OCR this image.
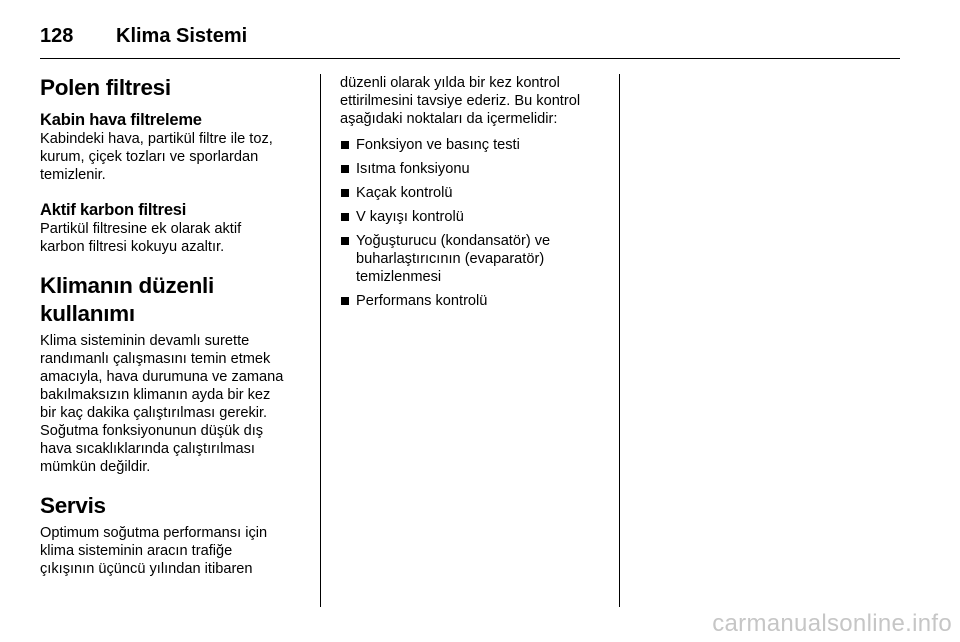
128	Klima Sistemi
Polen filtresi
Kabin hava filtreleme

Kabindeki hava, partikül filtre ile toz,
kurum, çiçek tozları ve sporlardan
temizlenir.

Aktif karbon filtresi

Partikül filtresine ek olarak aktif
karbon filtresi kokuyu azaltır.

Klimanın düzenli kullanımı

Klima sisteminin devamlı surette
randımanlı çalışmasını temin etmek
amacıyla, hava durumuna ve zamana
bakılmaksızın klimanın ayda bir kez
bir kaç dakika çalıştırılması gerekir.
Soğutma fonksiyonunun düşük dış
hava sıcaklıklarında çalıştırılması
mümkün değildir.

Servis

Optimum soğutma performansı için
klima sisteminin aracın trafiğe
çıkışının üçüncü yılından itibaren

düzenli olarak yılda bir kez kontrol
ettirilmesini tavsiye ederiz. Bu kontrol
aşağıdaki noktaları da içermelidir:

Fonksiyon ve basınç testi
Isıtma fonksiyonu
Kaçak kontrolü
V kayışı kontrolü
Yoğuşturucu (kondansatör) ve
buharlaştırıcının (evaparatör)
temizlenmesi
Performans kontrolü
carmanualsonline.info
